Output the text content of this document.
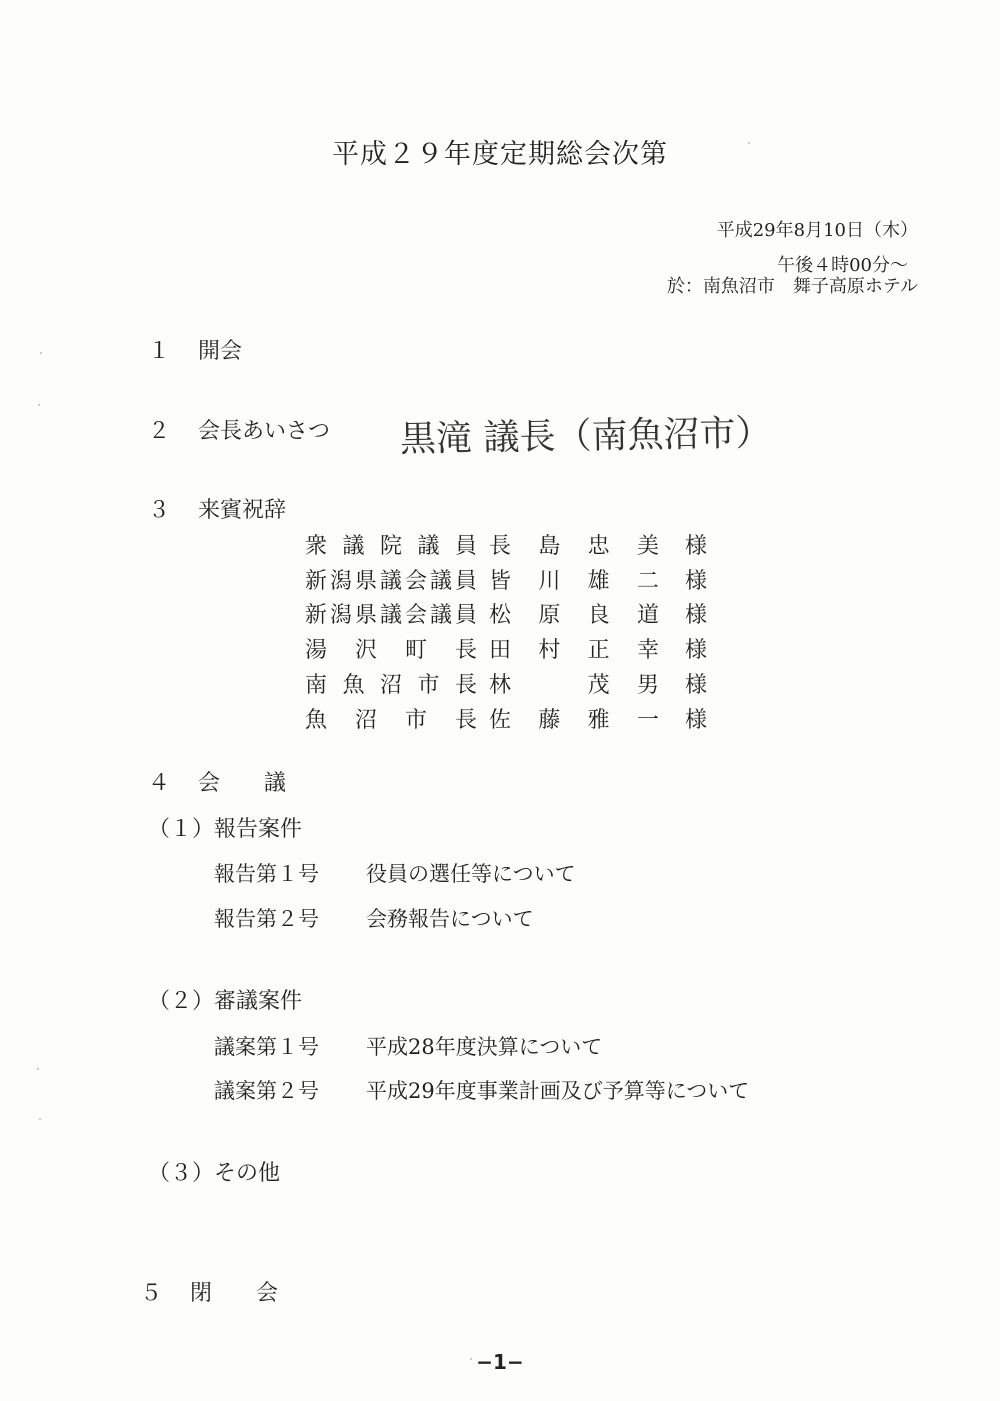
平成２９年度定期総会次第
平成29年8月10日（木）
午後４時00分～
於：南魚沼市　舞子高原ホテル
１ 開会
２ 会長あいさつ 黒滝 議長（南魚沼市）
３ 来賓祝辞
衆議院議員 長島忠美 様
新潟県議会議員 皆川雄二 様
新潟県議会議員 松原良道 様
湯沢町長 田村正幸 様
南魚沼市長 林　茂男 様
魚沼市長 佐藤雅一 様
４ 会　　議
（１）報告案件
報告第１号 役員の選任等について
報告第２号 会務報告について
（２）審議案件
議案第１号 平成28年度決算について
議案第２号 平成29年度事業計画及び予算等について
（３）その他
５ 閉　　会
−1−
